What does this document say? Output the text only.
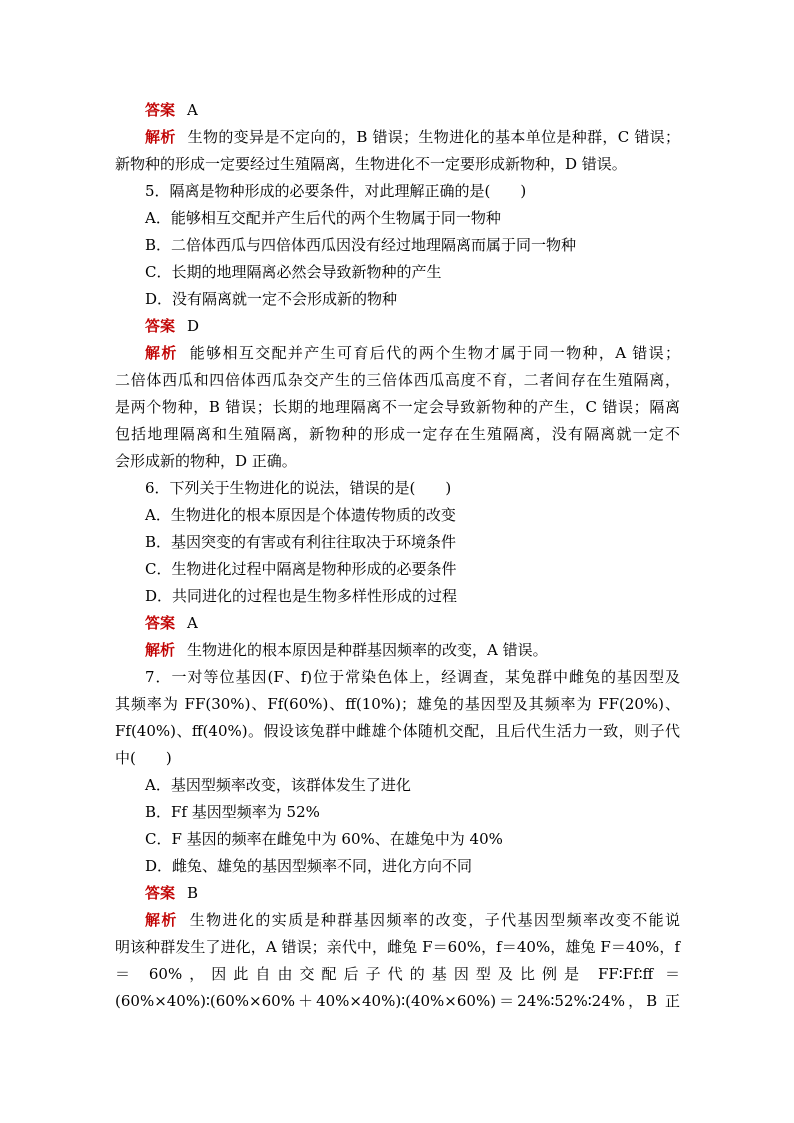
答案 A
解析 生物的变异是不定向的，B 错误；生物进化的基本单位是种群，C 错误；
新物种的形成一定要经过生殖隔离，生物进化不一定要形成新物种，D 错误。
5．隔离是物种形成的必要条件，对此理解正确的是(　　)
A．能够相互交配并产生后代的两个生物属于同一物种
B．二倍体西瓜与四倍体西瓜因没有经过地理隔离而属于同一物种
C．长期的地理隔离必然会导致新物种的产生
D．没有隔离就一定不会形成新的物种
答案 D
解析 能够相互交配并产生可育后代的两个生物才属于同一物种，A 错误；
二倍体西瓜和四倍体西瓜杂交产生的三倍体西瓜高度不育，二者间存在生殖隔离，
是两个物种，B 错误；长期的地理隔离不一定会导致新物种的产生，C 错误；隔离
包括地理隔离和生殖隔离，新物种的形成一定存在生殖隔离，没有隔离就一定不
会形成新的物种，D 正确。
6．下列关于生物进化的说法，错误的是(　　)
A．生物进化的根本原因是个体遗传物质的改变
B．基因突变的有害或有利往往取决于环境条件
C．生物进化过程中隔离是物种形成的必要条件
D．共同进化的过程也是生物多样性形成的过程
答案 A
解析 生物进化的根本原因是种群基因频率的改变，A 错误。
7．一对等位基因(F、f)位于常染色体上，经调查，某兔群中雌兔的基因型及
其频率为 FF(30%)、Ff(60%)、ff(10%)；雄兔的基因型及其频率为 FF(20%)、
Ff(40%)、ff(40%)。假设该兔群中雌雄个体随机交配，且后代生活力一致，则子代
中(　　)
A．基因型频率改变，该群体发生了进化
B．Ff 基因型频率为 52%
C．F 基因的频率在雌兔中为 60%、在雄兔中为 40%
D．雌兔、雄兔的基因型频率不同，进化方向不同
答案 B
解析 生物进化的实质是种群基因频率的改变，子代基因型频率改变不能说
明该种群发生了进化，A 错误；亲代中，雌兔 F＝60%，f＝40%，雄兔 F＝40%，f
＝ 60%，因此自由交配后子代的基因型及比例是 FF∶Ff∶ff ＝
(60%×40%)∶(60%×60%＋40%×40%)∶(40%×60%)＝24%∶52%∶24%，B 正
